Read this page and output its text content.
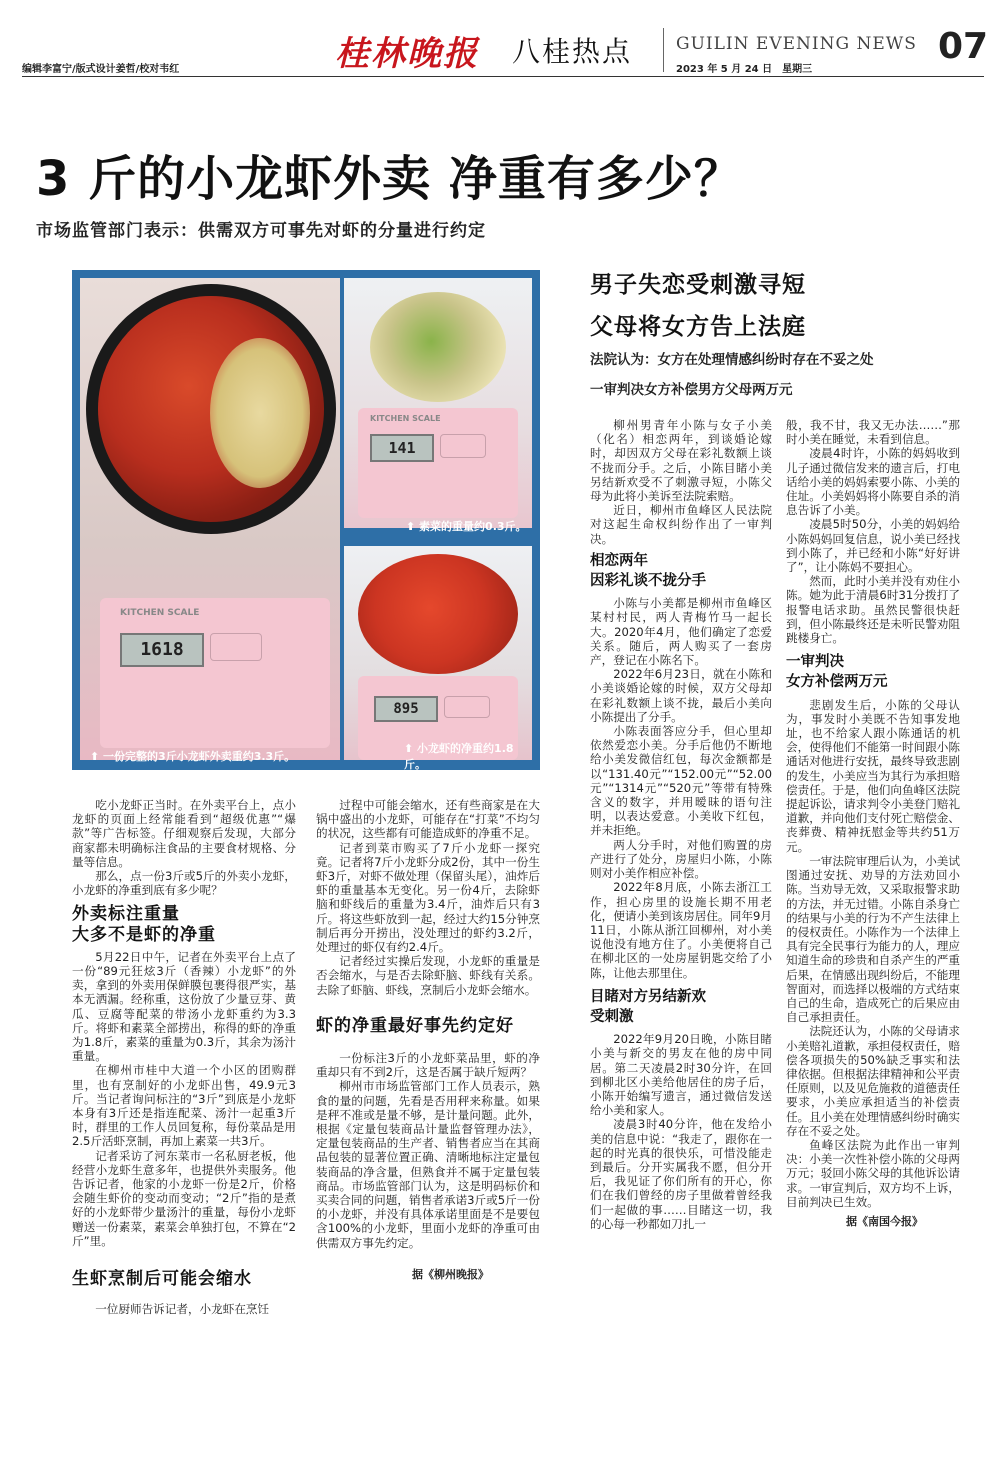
编辑李富宁/版式设计姜哲/校对韦红	桂林晚报 八桂热点	GUILIN EVENING NEWS
2023 年 5 月 24 日　星期三
07
3 斤的小龙虾外卖 净重有多少？
市场监管部门表示：供需双方可事先对虾的分量进行约定
KITCHEN SCALE
1618
⬆ 一份完整的3斤小龙虾外卖重约3.3斤。
KITCHEN SCALE
141
⬆ 素菜的重量约0.3斤。
895
⬆ 小龙虾的净重约1.8斤。

吃小龙虾正当时。在外卖平台上，点小龙虾的页面上经常能看到“超级优惠”“爆款”等广告标签。仔细观察后发现，大部分商家都未明确标注食品的主要食材规格、分量等信息。

那么，点一份3斤或5斤的外卖小龙虾，小龙虾的净重到底有多少呢？

外卖标注重量
大多不是虾的净重

5月22日中午，记者在外卖平台上点了一份“89元狂炫3斤（香辣）小龙虾”的外卖，拿到的外卖用保鲜膜包裹得很严实，基本无洒漏。经称重，这份放了少量豆芽、黄瓜、豆腐等配菜的带汤小龙虾重约为3.3斤。将虾和素菜全部捞出，称得的虾的净重为1.8斤，素菜的重量为0.3斤，其余为汤汁重量。

在柳州市桂中大道一个小区的团购群里，也有烹制好的小龙虾出售，49.9元3斤。当记者询问标注的“3斤”到底是小龙虾本身有3斤还是指连配菜、汤汁一起重3斤时，群里的工作人员回复称，每份菜品是用2.5斤活虾烹制，再加上素菜一共3斤。

记者采访了河东菜市一名私厨老板，他经营小龙虾生意多年，也提供外卖服务。他告诉记者，他家的小龙虾一份是2斤，价格会随生虾价的变动而变动；“2斤”指的是煮好的小龙虾带少量汤汁的重量，每份小龙虾赠送一份素菜，素菜会单独打包，不算在“2斤”里。

生虾烹制后可能会缩水

一位厨师告诉记者，小龙虾在烹饪

过程中可能会缩水，还有些商家是在大锅中盛出的小龙虾，可能存在“打菜”不均匀的状况，这些都有可能造成虾的净重不足。

记者到菜市购买了7斤小龙虾一探究竟。记者将7斤小龙虾分成2份，其中一份生虾3斤，对虾不做处理（保留头尾），油炸后虾的重量基本无变化。另一份4斤，去除虾脑和虾线后的重量为3.4斤，油炸后只有3斤。将这些虾放到一起，经过大约15分钟烹制后再分开捞出，没处理过的虾约3.2斤，处理过的虾仅有约2.4斤。

记者经过实操后发现，小龙虾的重量是否会缩水，与是否去除虾脑、虾线有关系。去除了虾脑、虾线，烹制后小龙虾会缩水。

虾的净重最好事先约定好

一份标注3斤的小龙虾菜品里，虾的净重却只有不到2斤，这是否属于缺斤短两？

柳州市市场监管部门工作人员表示，熟食的量的问题，先看是否用秤来称量。如果是秤不准或是量不够，是计量问题。此外，根据《定量包装商品计量监督管理办法》，定量包装商品的生产者、销售者应当在其商品包装的显著位置正确、清晰地标注定量包装商品的净含量，但熟食并不属于定量包装商品。市场监管部门认为，这是明码标价和买卖合同的问题，销售者承诺3斤或5斤一份的小龙虾，并没有具体承诺里面是不是要包含100%的小龙虾，里面小龙虾的净重可由供需双方事先约定。

据《柳州晚报》
男子失恋受刺激寻短
父母将女方告上法庭
法院认为：女方在处理情感纠纷时存在不妥之处
一审判决女方补偿男方父母两万元

柳州男青年小陈与女子小美（化名）相恋两年，到谈婚论嫁时，却因双方父母在彩礼数额上谈不拢而分手。之后，小陈目睹小美另结新欢受不了刺激寻短，小陈父母为此将小美诉至法院索赔。

近日，柳州市鱼峰区人民法院对这起生命权纠纷作出了一审判决。

相恋两年
因彩礼谈不拢分手

小陈与小美都是柳州市鱼峰区某村村民，两人青梅竹马一起长大。2020年4月，他们确定了恋爱关系。随后，两人购买了一套房产，登记在小陈名下。

2022年6月23日，就在小陈和小美谈婚论嫁的时候，双方父母却在彩礼数额上谈不拢，最后小美向小陈提出了分手。

小陈表面答应分手，但心里却依然爱恋小美。分手后他仍不断地给小美发微信红包，每次金额都是以“131.40元”“152.00元”“52.00元”“1314元”“520元”等带有特殊含义的数字，并用暧昧的语句注明，以表达爱意。小美收下红包，并未拒绝。

两人分手时，对他们购置的房产进行了处分，房屋归小陈，小陈则对小美作相应补偿。

2022年8月底，小陈去浙江工作，担心房里的设施长期不用老化，便请小美到该房居住。同年9月11日，小陈从浙江回柳州，对小美说他没有地方住了。小美便将自己在柳北区的一处房屋钥匙交给了小陈，让他去那里住。

目睹对方另结新欢
受刺激

2022年9月20日晚，小陈目睹小美与新交的男友在他的房中同居。第二天凌晨2时30分许，在回到柳北区小美给他居住的房子后，小陈开始编写遗言，通过微信发送给小美和家人。

凌晨3时40分许，他在发给小美的信息中说：“我走了，跟你在一起的时光真的很快乐，可惜没能走到最后。分开实属我不愿，但分开后，我见证了你们所有的开心，你们在我们曾经的房子里做着曾经我们一起做的事……目睹这一切，我的心每一秒都如刀扎一

般，我不甘，我又无办法……”那时小美在睡觉，未看到信息。

凌晨4时许，小陈的妈妈收到儿子通过微信发来的遗言后，打电话给小美的妈妈索要小陈、小美的住址。小美妈妈将小陈要自杀的消息告诉了小美。

凌晨5时50分，小美的妈妈给小陈妈妈回复信息，说小美已经找到小陈了，并已经和小陈“好好讲了”，让小陈妈不要担心。

然而，此时小美并没有劝住小陈。她为此于清晨6时31分拨打了报警电话求助。虽然民警很快赶到，但小陈最终还是未听民警劝阻跳楼身亡。

一审判决
女方补偿两万元

悲剧发生后，小陈的父母认为，事发时小美既不告知事发地址，也不给家人跟小陈通话的机会，使得他们不能第一时间跟小陈通话对他进行安抚，最终导致悲剧的发生，小美应当为其行为承担赔偿责任。于是，他们向鱼峰区法院提起诉讼，请求判令小美登门赔礼道歉，并向他们支付死亡赔偿金、丧葬费、精神抚慰金等共约51万元。

一审法院审理后认为，小美试图通过安抚、劝导的方法劝回小陈。当劝导无效，又采取报警求助的方法，并无过错。小陈自杀身亡的结果与小美的行为不产生法律上的侵权责任。小陈作为一个法律上具有完全民事行为能力的人，理应知道生命的珍贵和自杀产生的严重后果，在情感出现纠纷后，不能理智面对，而选择以极端的方式结束自己的生命，造成死亡的后果应由自己承担责任。

法院还认为，小陈的父母请求小美赔礼道歉，承担侵权责任，赔偿各项损失的50%缺乏事实和法律依据。但根据法律精神和公平责任原则，以及见危施救的道德责任要求，小美应承担适当的补偿责任。且小美在处理情感纠纷时确实存在不妥之处。

鱼峰区法院为此作出一审判决：小美一次性补偿小陈的父母两万元；驳回小陈父母的其他诉讼请求。一审宣判后，双方均不上诉，目前判决已生效。

据《南国今报》
